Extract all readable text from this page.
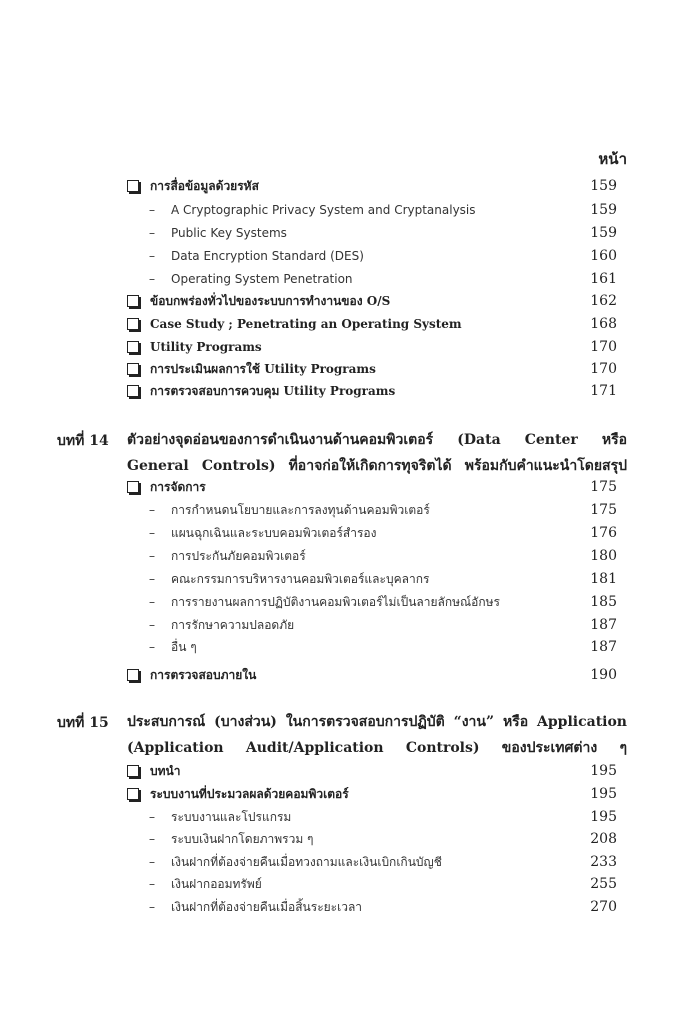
หน้า
การสื่อข้อมูลด้วยรหัส	159
– A Cryptographic Privacy System and Cryptanalysis	159
– Public Key Systems	159
– Data Encryption Standard (DES)	160
– Operating System Penetration	161
ข้อบกพร่องทั่วไปของระบบการทำงานของ O/S	162
Case Study ; Penetrating an Operating System	168
Utility Programs	170
การประเมินผลการใช้ Utility Programs	170
การตรวจสอบการควบคุม Utility Programs	171
บทที่ 14 ตัวอย่างจุดอ่อนของการดำเนินงานด้านคอมพิวเตอร์ (Data Center หรือ
General Controls) ที่อาจก่อให้เกิดการทุจริตได้ พร้อมกับคำแนะนำโดยสรุป
การจัดการ	175
– การกำหนดนโยบายและการลงทุนด้านคอมพิวเตอร์	175
– แผนฉุกเฉินและระบบคอมพิวเตอร์สำรอง	176
– การประกันภัยคอมพิวเตอร์	180
– คณะกรรมการบริหารงานคอมพิวเตอร์และบุคลากร	181
– การรายงานผลการปฏิบัติงานคอมพิวเตอร์ไม่เป็นลายลักษณ์อักษร	185
– การรักษาความปลอดภัย	187
– อื่น ๆ	187
การตรวจสอบภายใน	190
บทที่ 15 ประสบการณ์ (บางส่วน) ในการตรวจสอบการปฏิบัติ “งาน” หรือ Application
(Application Audit/Application Controls) ของประเทศต่าง ๆ
บทนำ	195
ระบบงานที่ประมวลผลด้วยคอมพิวเตอร์	195
– ระบบงานและโปรแกรม	195
– ระบบเงินฝากโดยภาพรวม ๆ	208
– เงินฝากที่ต้องจ่ายคืนเมื่อทวงถามและเงินเบิกเกินบัญชี	233
– เงินฝากออมทรัพย์	255
– เงินฝากที่ต้องจ่ายคืนเมื่อสิ้นระยะเวลา	270
